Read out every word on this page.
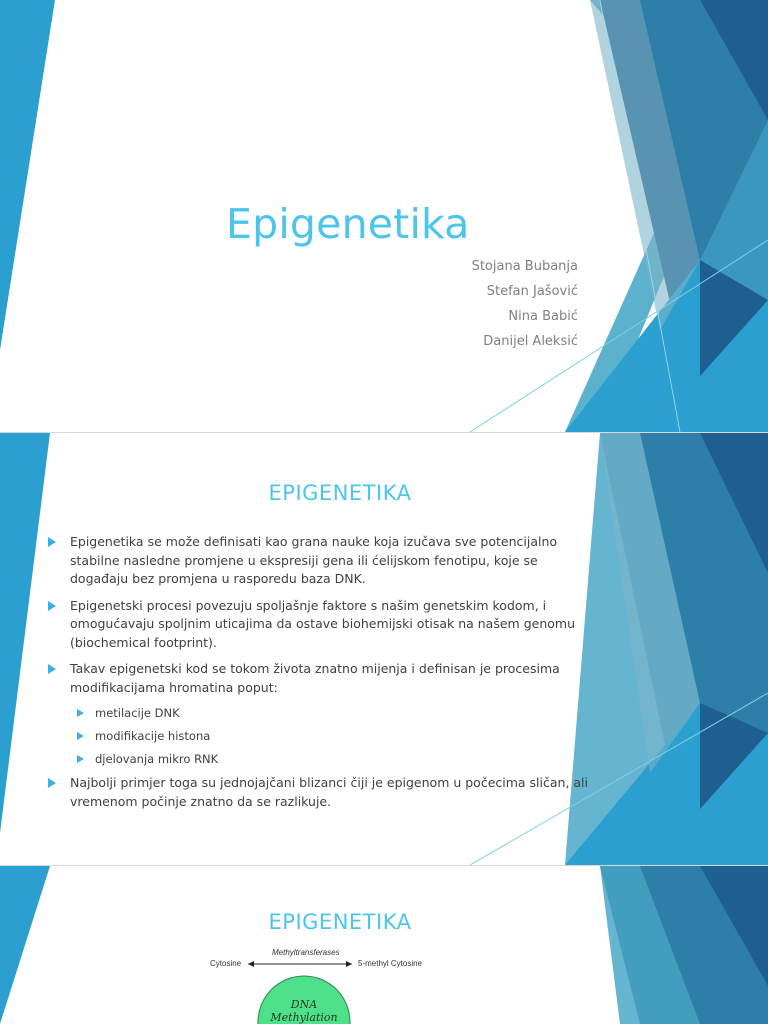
Epigenetika
Stojana Bubanja
Stefan Jašović
Nina Babić
Danijel Aleksić
EPIGENETIKA
Epigenetika se može definisati kao grana nauke koja izučava sve potencijalno stabilne nasledne promjene u ekspresiji gena ili ćelijskom fenotipu, koje se događaju bez promjena u rasporedu baza DNK.
Epigenetski procesi povezuju spoljašnje faktore s našim genetskim kodom, i omogućavaju spoljnim uticajima da ostave biohemijski otisak na našem genomu (biochemical footprint).
Takav epigenetski kod se tokom života znatno mijenja i definisan je procesima modifikacijama hromatina poput:
metilacije DNK
modifikacije histona
djelovanja mikro RNK
Najbolji primjer toga su jednojajčani blizanci čiji je epigenom u počecima sličan, ali vremenom počinje znatno da se razlikuje.
EPIGENETIKA
Cytosine
Methyltransferases
5-methyl Cytosine
DNA
Methylation
